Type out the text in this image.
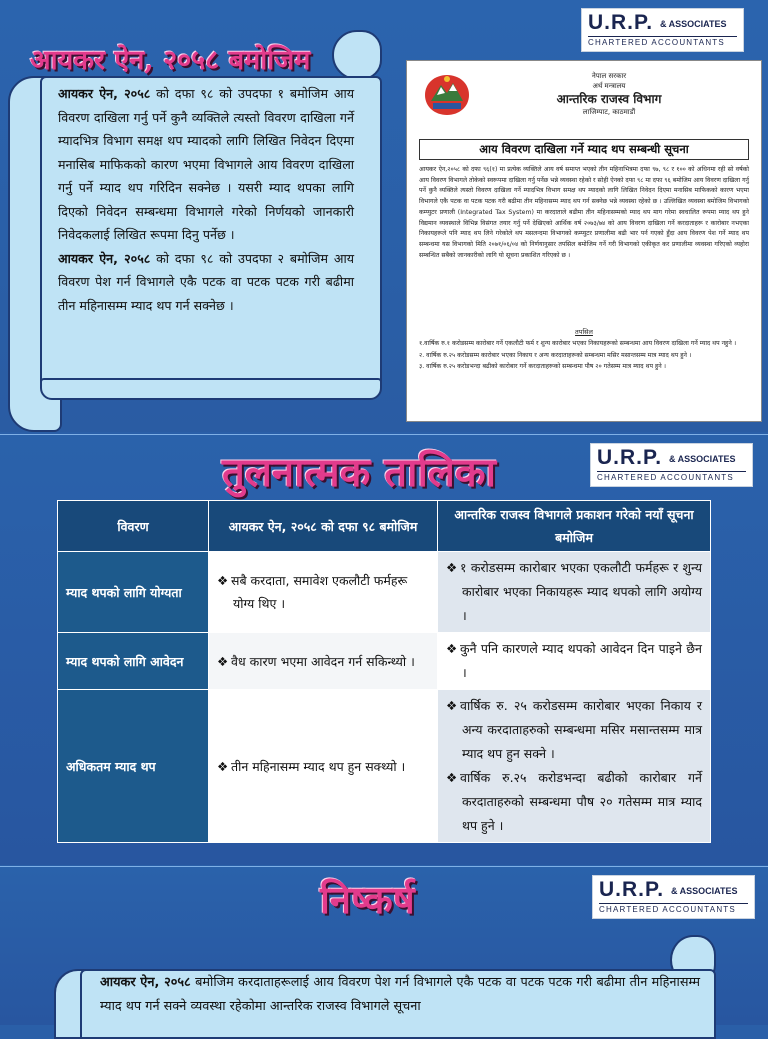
आयकर ऐन, २०५८ बमोजिम
U.R.P. & ASSOCIATES
CHARTERED ACCOUNTANTS
आयकर ऐन, २०५८ को दफा ९८ को उपदफा १ बमोजिम आय विवरण दाखिला गर्नु पर्ने कुनै व्यक्तिले त्यस्तो विवरण दाखिला गर्ने म्यादभित्र विभाग समक्ष थप म्यादको लागि लिखित निवेदन दिएमा मनासिब माफिकको कारण भएमा विभागले आय विवरण दाखिला गर्नु पर्ने म्याद थप गरिदिन सक्नेछ । यसरी म्याद थपका लागि दिएको निवेदन सम्बन्धमा विभागले गरेको निर्णयको जानकारी निवेदकलाई लिखित रूपमा दिनु पर्नेछ ।
आयकर ऐन, २०५८ को दफा ९८ को उपदफा २ बमोजिम आय विवरण पेश गर्न विभागले एकै पटक वा पटक पटक गरी बढीमा तीन महिनासम्म म्याद थप गर्न सक्नेछ ।
नेपाल सरकार
अर्थ मन्त्रालय
आन्तरिक राजस्व विभाग
लाजिम्पाट, काठमाडौं
आय विवरण दाखिला गर्ने म्याद थप सम्बन्धी सूचना
आयकर ऐन,२०५८ को दफा ९६(१) मा प्रत्येक व्यक्तिले आय वर्ष समाप्त भएको तीन महिनाभित्रमा दफा ९७, ९८ र १०० को अधिनमा रही सो वर्षको आय विवरण विभागले तोकेको स्वरूपमा दाखिला गर्नु पर्नेछ भन्ने व्यवस्था रहेको र सोही ऐनको दफा ९८ मा दफा ९६ बमोजिम आय विवरण दाखिला गर्नु पर्ने कुनै व्यक्तिले त्यस्तो विवरण दाखिला गर्ने म्यादभित्र विभाग समक्ष थप म्यादको लागि लिखित निवेदन दिएमा मनासिब माफिकको कारण भएमा विभागले एकै पटक वा पटक पटक गरी बढीमा तीन महिनासम्म म्याद थप गर्न सक्नेछ भन्ने व्यवस्था रहेको छ । उल्लिखित व्यवस्था बमोजिम विभागको कम्प्युटर प्रणाली (Integrated Tax System) मा करदाताले बढीमा तीन महिनासम्मको म्याद थप माग गरेमा स्वचालित रूपमा म्याद थप हुने विद्यमान व्यवस्थाले विभिन्न विसंगत तयार गर्नु पर्ने देखिएको आर्थिक वर्ष २०७३/७४ को आय विवरण दाखिला गर्ने करदाताहरू र कारोबार नभएका निकायहरूले पनि म्याद थप लिने गरेकोले थप मसलन्दमा विभागको कम्प्युटर प्रणालीमा बढी भार पर्न गएको हुँदा आय विवरण पेश गर्ने म्याद थप सम्बन्धमा यस विभागको मिति २०७१/०६/०४ को निर्णयानुसार तपसिल बमोजिम गर्ने गरी विभागको एकीकृत कर प्रणालीमा व्यवस्था गरिएको व्यहोरा सम्बन्धित सबैको जानकारीको लागि यो सूचना प्रकाशित गरिएको छ ।
तपसिल
१.वार्षिक रु.१ करोडसम्म कारोबार गर्ने एकलौटी फर्म र शुन्य कारोबार भएका निकायहरूको सम्बन्धमा आय विवरण दाखिला गर्ने म्याद थप नहुने ।
२. वार्षिक रु.२५ करोडसम्म कारोबार भएका निकाय र अन्य करदाताहरूको सम्बन्धमा मसिर मसान्तसम्म मात्र म्याद थप हुने ।
३. वार्षिक रु.२५ करोडभन्दा बढीको कारोबार गर्ने करदाताहरूको सम्बन्धमा पौष २० गतेसम्म मात्र म्याद थप हुने ।
तुलनात्मक तालिका	U.R.P. & ASSOCIATES
CHARTERED ACCOUNTANTS
विवरण	आयकर ऐन, २०५८ को दफा ९८ बमोजिम	आन्तरिक राजस्व विभागले प्रकाशन गरेको नयाँ सूचना बमोजिम
म्याद थपको लागि योग्यता	❖ सबै करदाता, समावेश एकलौटी फर्महरू योग्य थिए ।	❖ १ करोडसम्म कारोबार भएका एकलौटी फर्महरू र शुन्य कारोबार भएका निकायहरू म्याद थपको लागि अयोग्य ।

म्याद थपको लागि आवेदन	❖ वैध कारण भएमा आवेदन गर्न सकिन्थ्यो ।	❖ कुनै पनि कारणले म्याद थपको आवेदन दिन पाइने छैन ।

अधिकतम म्याद थप	❖ तीन महिनासम्म म्याद थप हुन सक्थ्यो ।	❖ वार्षिक रु. २५ करोडसम्म कारोबार भएका निकाय र अन्य करदाताहरुको सम्बन्धमा मसिर मसान्तसम्म मात्र म्याद थप हुन सक्ने ।
❖ वार्षिक रु.२५ करोडभन्दा बढीको कारोबार गर्ने करदाताहरुको सम्बन्धमा पौष २० गतेसम्म मात्र म्याद थप हुने ।
निष्कर्ष	U.R.P. & ASSOCIATES
CHARTERED ACCOUNTANTS
आयकर ऐन, २०५८ बमोजिम करदाताहरूलाई आय विवरण पेश गर्न विभागले एकै पटक वा पटक पटक गरी बढीमा तीन महिनासम्म म्याद थप गर्न सक्ने व्यवस्था रहेकोमा आन्तरिक राजस्व विभागले सूचना
